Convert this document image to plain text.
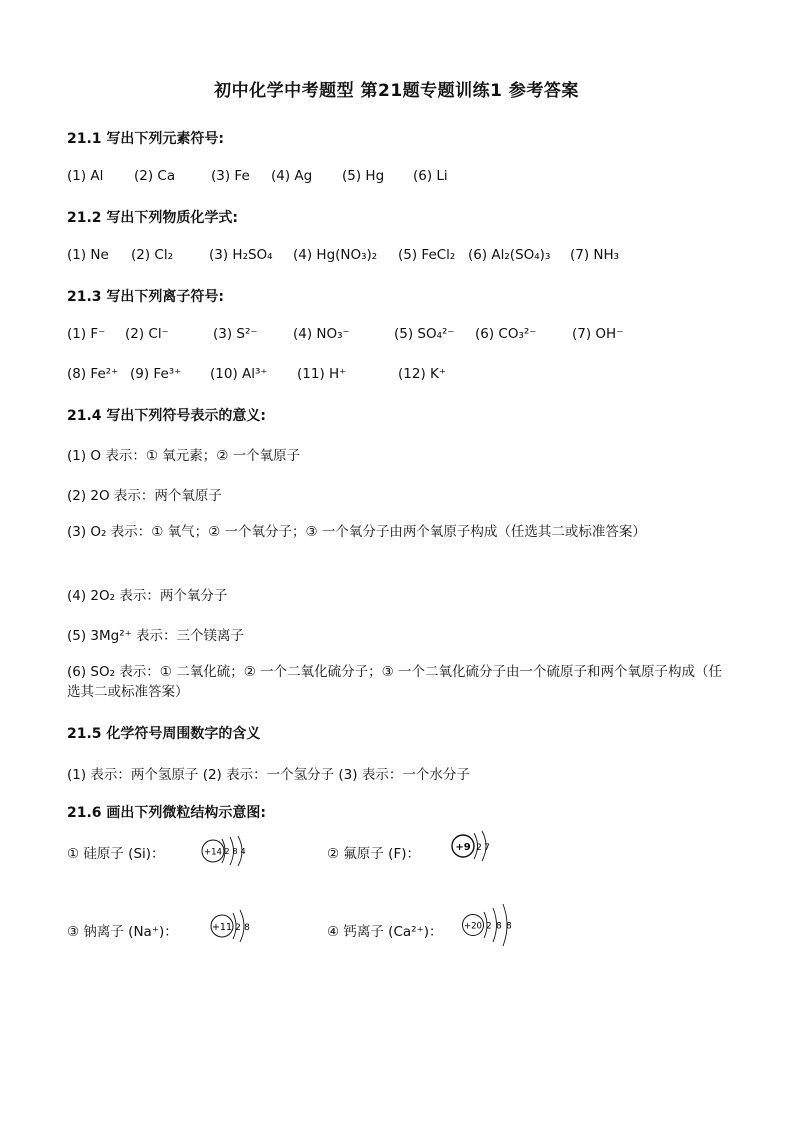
初中化学中考题型 第21题专题训练1 参考答案
21.1 写出下列元素符号:
(1) Al (2) Ca	(3) Fe (4) Ag (5) Hg (6) Li
21.2 写出下列物质化学式:
(1) Ne (2) Cl₂	(3) H₂SO₄ (4) Hg(NO₃)₂ (5) FeCl₂ (6) Al₂(SO₄)₃ (7) NH₃
21.3 写出下列离子符号:
(1) F⁻ (2) Cl⁻	(3) S²⁻	(4) NO₃⁻	(5) SO₄²⁻ (6) CO₃²⁻	(7) OH⁻
(8) Fe²⁺ (9) Fe³⁺ (10) Al³⁺ (11) H⁺	(12) K⁺
21.4 写出下列符号表示的意义:
(1) O 表示：① 氧元素；② 一个氧原子
(2) 2O 表示：两个氧原子
(3) O₂ 表示：① 氧气；② 一个氧分子；③ 一个氧分子由两个氧原子构成（任选其二或标准答案）
(4) 2O₂ 表示：两个氧分子
(5) 3Mg²⁺ 表示：三个镁离子
(6) SO₂ 表示：① 二氧化硫；② 一个二氧化硫分子；③ 一个二氧化硫分子由一个硫原子和两个氧原子构成（任选其二或标准答案）
21.5 化学符号周围数字的含义
(1) 表示：两个氢原子 (2) 表示：一个氢分子 (3) 表示：一个水分子
21.6 画出下列微粒结构示意图:
① 硅原子 (Si)：	+14 2 8 4	② 氟原子 (F)：	+9 2 7
③ 钠离子 (Na⁺)：	+11 2 8	④ 钙离子 (Ca²⁺)：	+20 2 8 8
